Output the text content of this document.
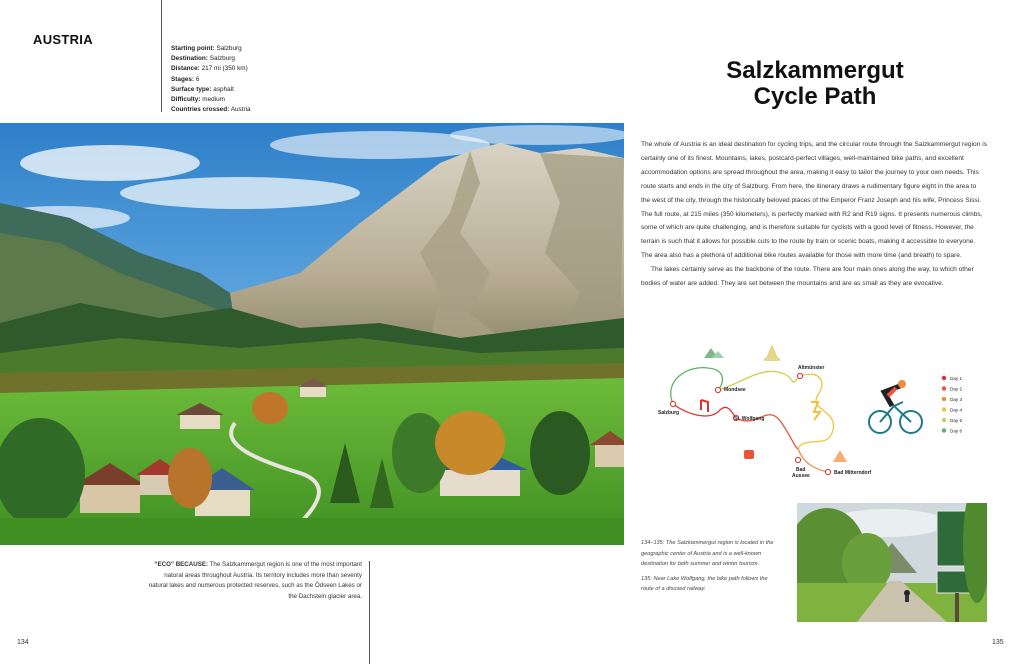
AUSTRIA
Starting point: Salzburg
Destination: Salzburg
Distance: 217 mi (350 km)
Stages: 6
Surface type: asphalt
Difficulty: medium
Countries crossed: Austria
“ECO” BECAUSE: The Salzkammergut region is one of the most important natural areas throughout Austria. Its territory includes more than seventy natural lakes and numerous protected reserves, such as the Ödseen Lakes or the Dachstein glacier area.
134
Salzkammergut
Cycle Path

The whole of Austria is an ideal destination for cycling trips, and the circular route through the Salzkammergut region is certainly one of its finest. Mountains, lakes, postcard-perfect villages, well-maintained bike paths, and excellent accommodation options are spread throughout the area, making it easy to tailor the journey to your own needs. This route starts and ends in the city of Salzburg. From here, the itinerary draws a rudimentary figure eight in the area to the west of the city, through the historically beloved places of the Emperor Franz Joseph and his wife, Princess Sissi. The full route, at 215 miles (350 kilometers), is perfectly marked with R2 and R19 signs. It presents numerous climbs, some of which are quite challenging, and is therefore suitable for cyclists with a good level of fitness. However, the terrain is such that it allows for possible cuts to the route by train or scenic boats, making it accessible to everyone. The area also has a plethora of additional bike routes available for those with more time (and breath) to spare.

The lakes certainly serve as the backbone of the route. There are four main ones along the way, to which other bodies of water are added. They are set between the mountains and are as small as they are evocative.

Salzburg
Mondsee
St. Wolfgang
Altmünster
Bad
Aussee	Bad Mitterndorf
Day 1
Day 2
Day 3
Day 4
Day 5
Day 6

134–135: The Salzkammergut region is located in the geographic center of Austria and is a well-known destination for both summer and winter tourism.

135: Near Lake Wolfgang, the bike path follows the route of a disused railway.

135
